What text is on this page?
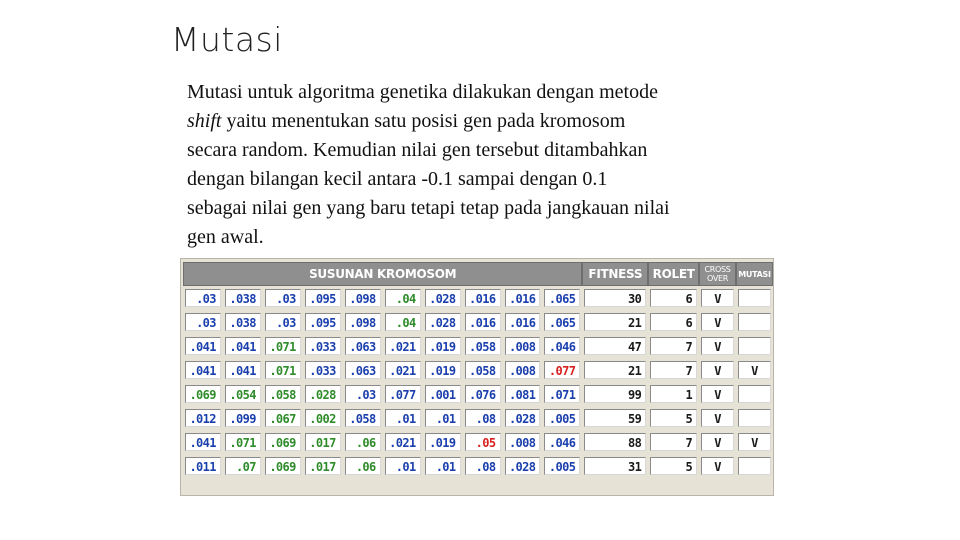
Mutasi
Mutasi untuk algoritma genetika dilakukan dengan metode
shift yaitu menentukan satu posisi gen pada kromosom
secara random. Kemudian nilai gen tersebut ditambahkan
dengan bilangan kecil antara -0.1 sampai dengan 0.1
sebagai nilai gen yang baru tetapi tetap pada jangkauan nilai
gen awal.
SUSUNAN KROMOSOM										FITNESS	ROLET	CROSS
OVER	MUTASI

.03	.038	.03	.095	.098	.04	.028	.016	.016	.065	30	6	V	

.03	.038	.03	.095	.098	.04	.028	.016	.016	.065	21	6	V	

.041	.041	.071	.033	.063	.021	.019	.058	.008	.046	47	7	V	

.041	.041	.071	.033	.063	.021	.019	.058	.008	.077	21	7	V	V

.069	.054	.058	.028	.03	.077	.001	.076	.081	.071	99	1	V	

.012	.099	.067	.002	.058	.01	.01	.08	.028	.005	59	5	V	

.041	.071	.069	.017	.06	.021	.019	.05	.008	.046	88	7	V	V

.011	.07	.069	.017	.06	.01	.01	.08	.028	.005	31	5	V	
